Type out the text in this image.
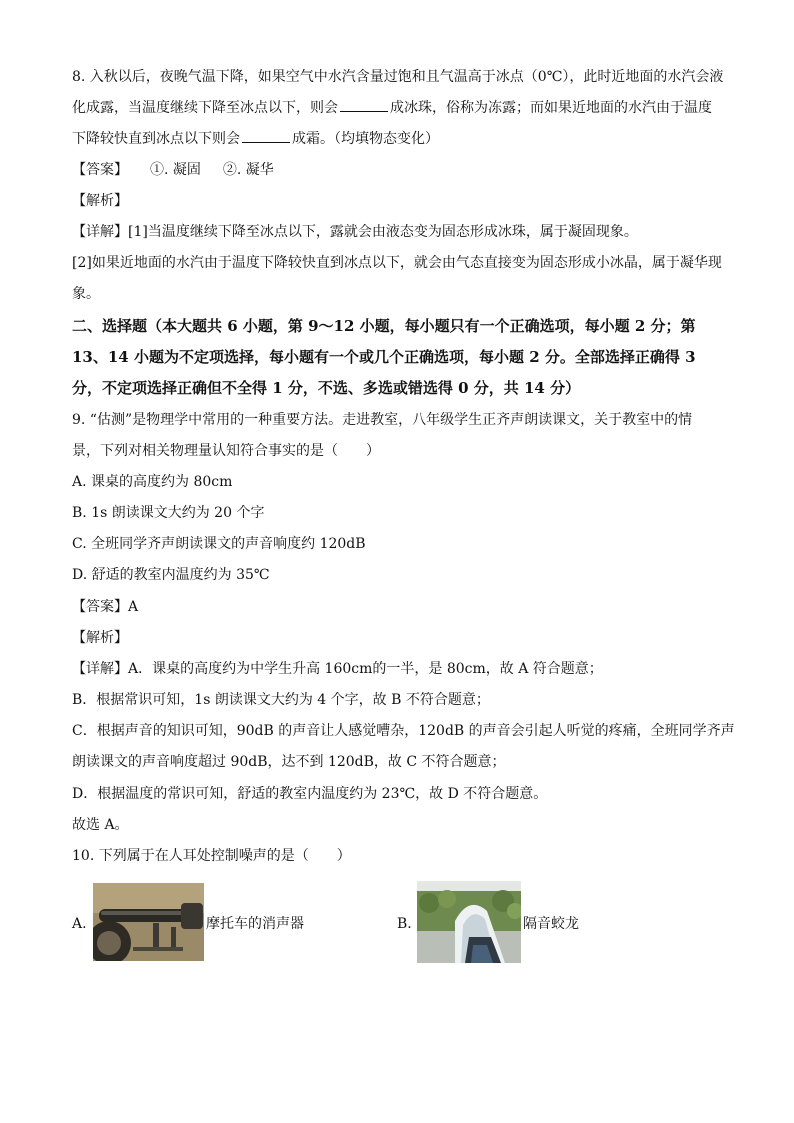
8. 入秋以后，夜晚气温下降，如果空气中水汽含量过饱和且气温高于冰点（0℃），此时近地面的水汽会液
化成露，当温度继续下降至冰点以下，则会	成冰珠，俗称为冻露；而如果近地面的水汽由于温度
下降较快直到冰点以下则会	成霜。（均填物态变化）
【答案】 ①. 凝固 ②. 凝华
【解析】
【详解】[1]当温度继续下降至冰点以下，露就会由液态变为固态形成冰珠，属于凝固现象。
[2]如果近地面的水汽由于温度下降较快直到冰点以下，就会由气态直接变为固态形成小冰晶，属于凝华现
象。
二、选择题（本大题共 6 小题，第 9～12 小题，每小题只有一个正确选项，每小题 2 分；第
13、14 小题为不定项选择，每小题有一个或几个正确选项，每小题 2 分。全部选择正确得 3
分，不定项选择正确但不全得 1 分，不选、多选或错选得 0 分，共 14 分）
9. “估测”是物理学中常用的一种重要方法。走进教室，八年级学生正齐声朗读课文，关于教室中的情
景，下列对相关物理量认知符合事实的是（　　）
A. 课桌的高度约为 80cm
B. 1s 朗读课文大约为 20 个字
C. 全班同学齐声朗读课文的声音响度约 120dB
D. 舒适的教室内温度约为 35℃
【答案】A
【解析】
【详解】A．课桌的高度约为中学生升高 160cm的一半，是 80cm，故 A 符合题意；
B．根据常识可知，1s 朗读课文大约为 4 个字，故 B 不符合题意；
C．根据声音的知识可知，90dB 的声音让人感觉嘈杂，120dB 的声音会引起人听觉的疼痛，全班同学齐声
朗读课文的声音响度超过 90dB，达不到 120dB，故 C 不符合题意；
D．根据温度的常识可知，舒适的教室内温度约为 23℃，故 D 不符合题意。
故选 A。
10. 下列属于在人耳处控制噪声的是（　　）
A.	摩托车的消声器	B.	隔音蛟龙
